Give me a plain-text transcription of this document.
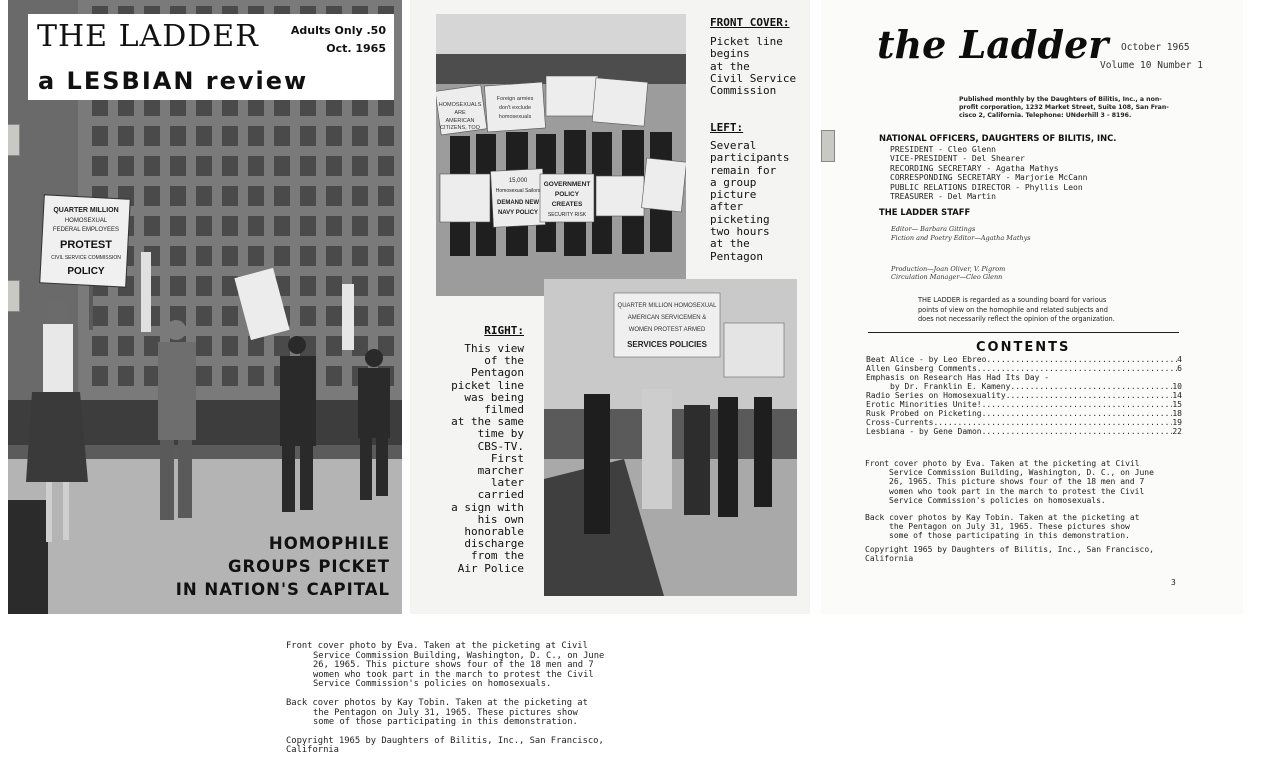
QUARTER MILLION
HOMOSEXUAL
FEDERAL EMPLOYEES
PROTEST
CIVIL SERVICE COMMISSION
POLICY
THE LADDER
a LESBIAN review
Adults Only .50
Oct. 1965
HOMOPHILE
GROUPS PICKET
IN NATION'S CAPITAL
HOMOSEXUALS
ARE
AMERICAN
CITIZENS, TOO
Foreign armies
don't exclude
homosexuals
15,000
Homosexual Sailors
DEMAND NEW
NAVY POLICY
GOVERNMENT
POLICY
CREATES
SECURITY RISK
QUARTER MILLION HOMOSEXUAL
AMERICAN SERVICEMEN &
WOMEN PROTEST ARMED
SERVICES POLICIES
FRONT COVER:
Picket line
begins
at the
Civil Service
Commission
LEFT:
Several
participants
remain for
a group
picture
after
picketing
two hours
at the
Pentagon
RIGHT:
This view
of the
Pentagon
picket line
was being
filmed
at the same
time by
CBS-TV.
First
marcher
later
carried
a sign with
his own
honorable
discharge
from the
Air Police
the Ladder October 1965
Volume 10 Number 1
Published monthly by the Daughters of Bilitis, Inc., a non-
profit corporation, 1232 Market Street, Suite 108, San Fran-
cisco 2, California. Telephone: UNderhill 3 - 8196.
NATIONAL OFFICERS, DAUGHTERS OF BILITIS, INC.
PRESIDENT - Cleo Glenn
VICE-PRESIDENT - Del Shearer
RECORDING SECRETARY - Agatha Mathys
CORRESPONDING SECRETARY - Marjorie McCann
PUBLIC RELATIONS DIRECTOR - Phyllis Leon
TREASURER - Del Martin
THE LADDER STAFF
Editor— Barbara Gittings
Fiction and Poetry Editor—Agatha Mathys
Production—Joan Oliver, V. Pigrom
Circulation Manager—Cleo Glenn
THE LADDER is regarded as a sounding board for various
points of view on the homophile and related subjects and
does not necessarily reflect the opinion of the organization.
CONTENTS
Beat Alice - by Leo Ebreo .....	4
Allen Ginsberg Comments .....	6
Emphasis on Research Has Had Its Day -
by Dr. Franklin E. Kameny .....	10
Radio Series on Homosexuality .....	14
Erotic Minorities Unite! .....	15
Rusk Probed on Picketing .....	18
Cross-Currents .....	19
Lesbiana - by Gene Damon .....	22
Front cover photo by Eva. Taken at the picketing at Civil
Service Commission Building, Washington, D. C., on June
26, 1965. This picture shows four of the 18 men and 7
women who took part in the march to protest the Civil
Service Commission's policies on homosexuals.
Back cover photos by Kay Tobin. Taken at the picketing at
the Pentagon on July 31, 1965. These pictures show
some of those participating in this demonstration.
Copyright 1965 by Daughters of Bilitis, Inc., San Francisco,
California
3
Front cover photo by Eva. Taken at the picketing at Civil
Service Commission Building, Washington, D. C., on June
26, 1965. This picture shows four of the 18 men and 7
women who took part in the march to protest the Civil
Service Commission's policies on homosexuals.
Back cover photos by Kay Tobin. Taken at the picketing at
the Pentagon on July 31, 1965. These pictures show
some of those participating in this demonstration.
Copyright 1965 by Daughters of Bilitis, Inc., San Francisco,
California
